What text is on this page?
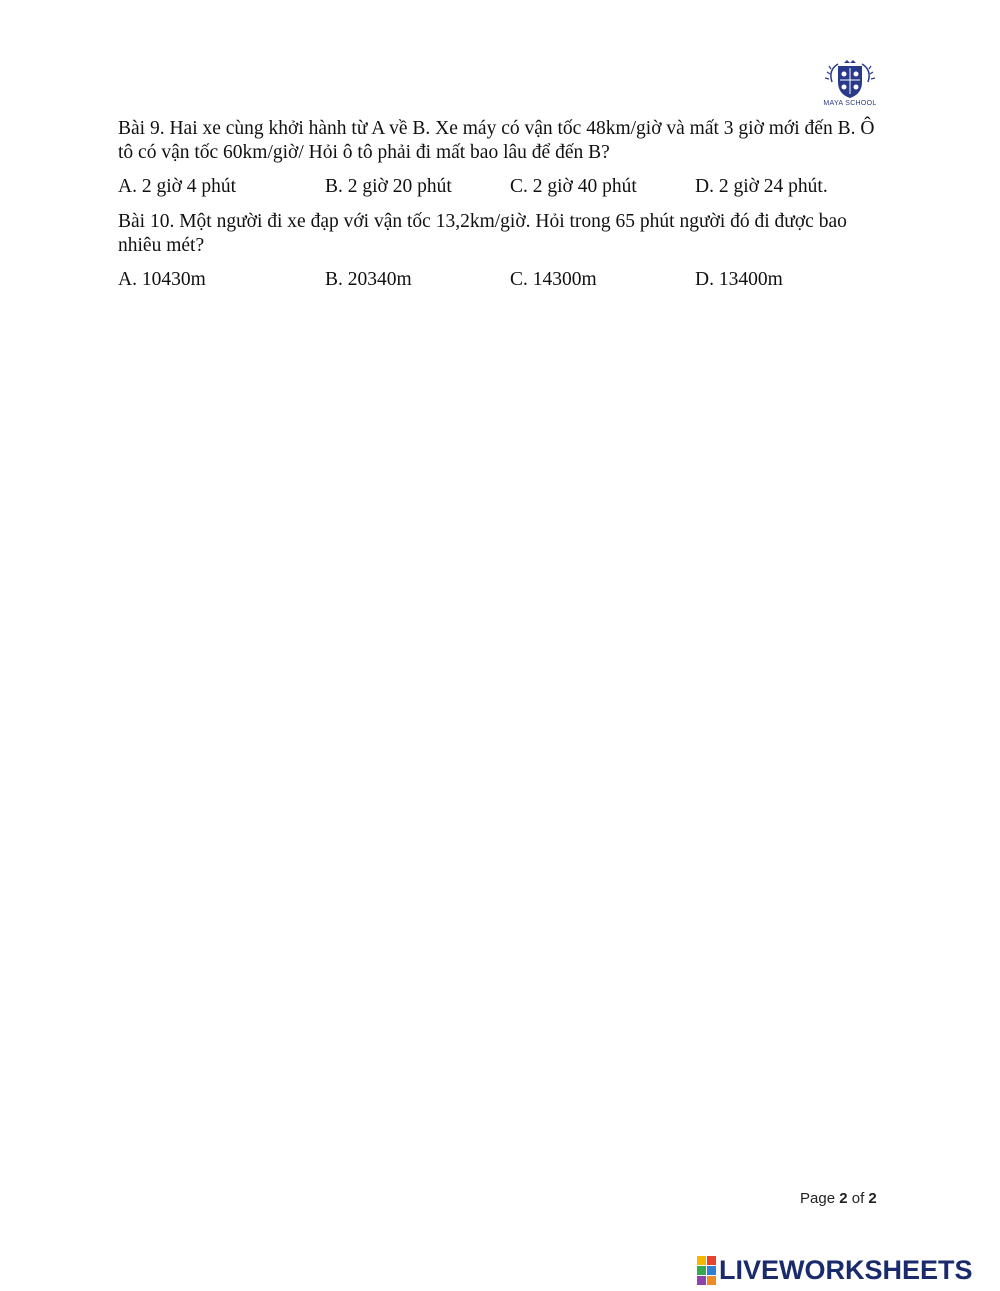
MAYA SCHOOL

Bài 9. Hai xe cùng khởi hành từ A về B. Xe máy có vận tốc 48km/giờ và mất 3 giờ mới đến B. Ô tô có vận tốc 60km/giờ/ Hỏi ô tô phải đi mất bao lâu để đến B?

A. 2 giờ 4 phút	B. 2 giờ 20 phút	C. 2 giờ 40 phút	D. 2 giờ 24 phút.

Bài 10. Một người đi xe đạp với vận tốc 13,2km/giờ. Hỏi trong 65 phút người đó đi được bao nhiêu mét?

A. 10430m	B. 20340m	C. 14300m	D. 13400m
Page 2 of 2
LIVEWORKSHEETS
